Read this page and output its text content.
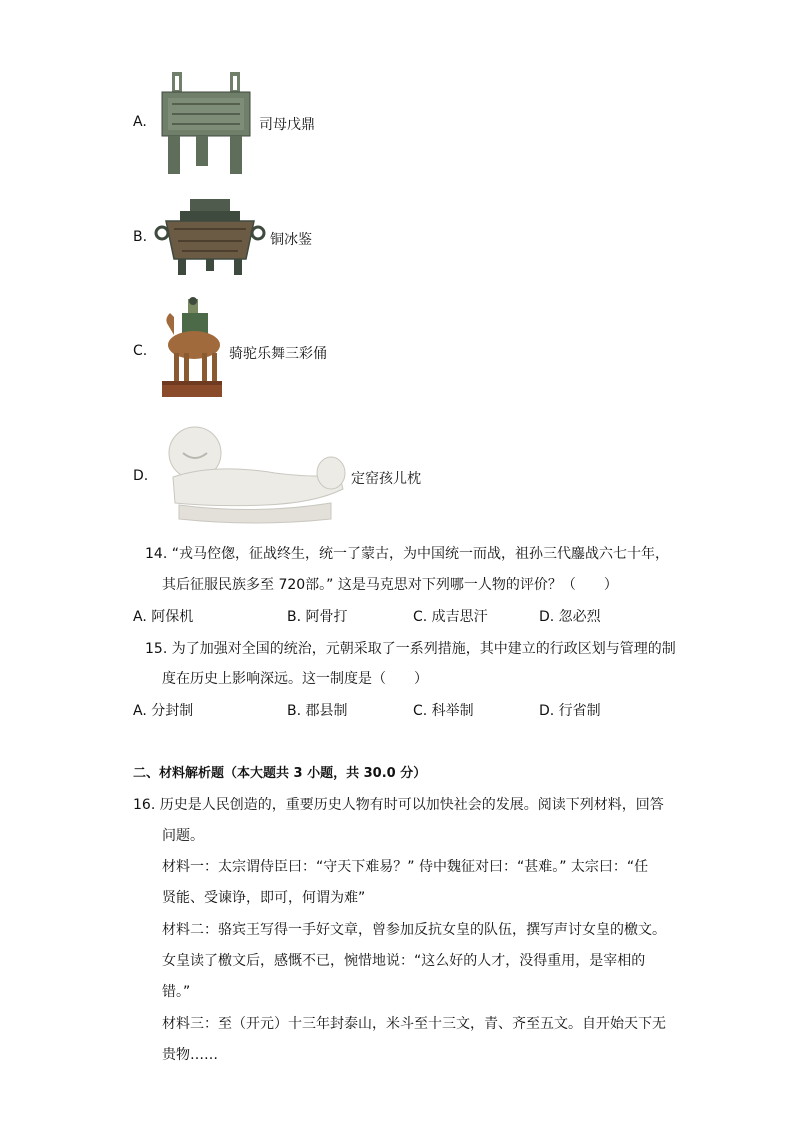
A.	司母戊鼎
B.	铜冰鉴
C.	骑驼乐舞三彩俑
D.	定窑孩儿枕
14. “戎马倥偬，征战终生，统一了蒙古，为中国统一而战，祖孙三代鏖战六七十年，
其后征服民族多至 720部。” 这是马克思对下列哪一人物的评价？（　　）
A. 阿保机	B. 阿骨打	C. 成吉思汗	D. 忽必烈
15. 为了加强对全国的统治，元朝采取了一系列措施，其中建立的行政区划与管理的制
度在历史上影响深远。这一制度是（　　）
A. 分封制	B. 郡县制	C. 科举制	D. 行省制
二、材料解析题（本大题共 3 小题，共 30.0 分）
16. 历史是人民创造的，重要历史人物有时可以加快社会的发展。阅读下列材料，回答
问题。
材料一：太宗谓侍臣曰：“守天下难易？” 侍中魏征对曰：“甚难。” 太宗曰：“任
贤能、受谏诤，即可，何谓为难”
材料二：骆宾王写得一手好文章，曾参加反抗女皇的队伍，撰写声讨女皇的檄文。
女皇读了檄文后，感慨不已，惋惜地说：“这么好的人才，没得重用，是宰相的
错。”
材料三：至（开元）十三年封泰山，米斗至十三文，青、齐至五文。自开始天下无
贵物……
